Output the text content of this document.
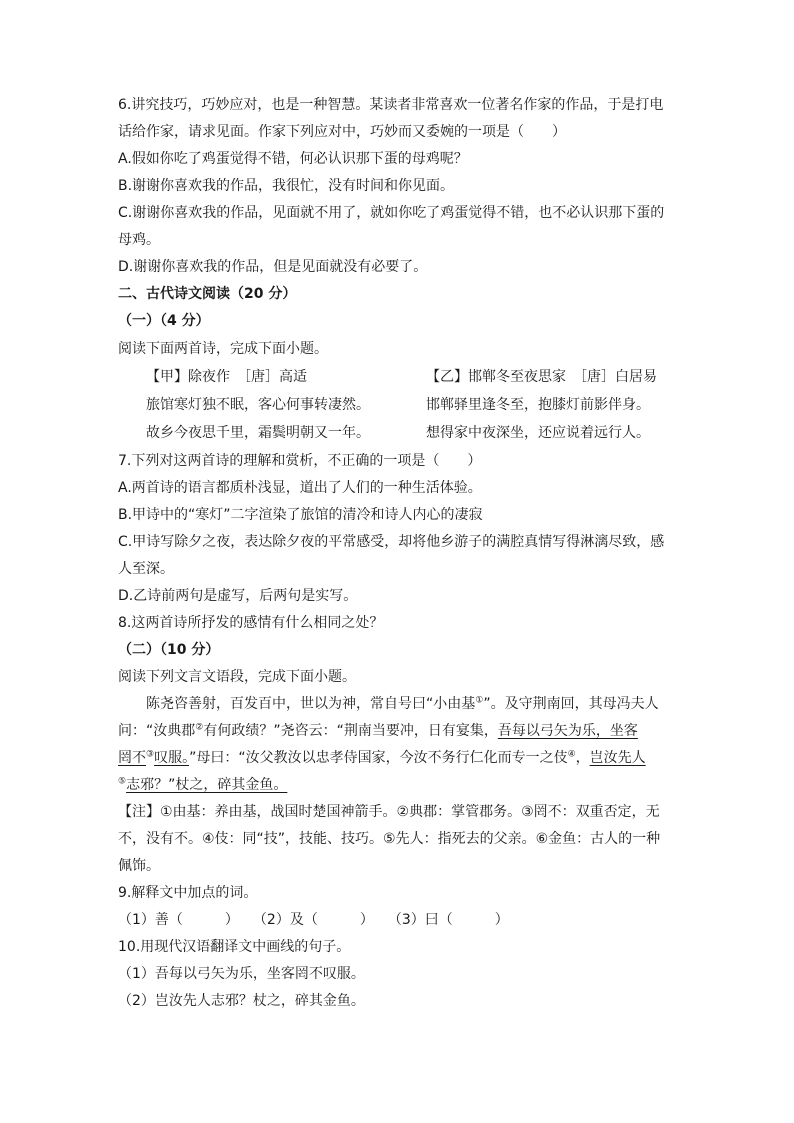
6.讲究技巧，巧妙应对，也是一种智慧。某读者非常喜欢一位著名作家的作品，于是打电
话给作家，请求见面。作家下列应对中，巧妙而又委婉的一项是（　　）
A.假如你吃了鸡蛋觉得不错，何必认识那下蛋的母鸡呢？
B.谢谢你喜欢我的作品，我很忙，没有时间和你见面。
C.谢谢你喜欢我的作品，见面就不用了，就如你吃了鸡蛋觉得不错，也不必认识那下蛋的
母鸡。
D.谢谢你喜欢我的作品，但是见面就没有必要了。
二、古代诗文阅读（20 分）
（一）（4 分）
阅读下面两首诗，完成下面小题。
【甲】除夜作　［唐］高适
旅馆寒灯独不眠，客心何事转凄然。
故乡今夜思千里，霜鬓明朝又一年。
【乙】邯郸冬至夜思家　［唐］白居易
邯郸驿里逢冬至，抱膝灯前影伴身。
想得家中夜深坐，还应说着远行人。
7.下列对这两首诗的理解和赏析，不正确的一项是（　　）
A.两首诗的语言都质朴浅显，道出了人们的一种生活体验。
B.甲诗中的“寒灯”二字渲染了旅馆的清冷和诗人内心的凄寂
C.甲诗写除夕之夜，表达除夕夜的平常感受，却将他乡游子的满腔真情写得淋漓尽致，感
人至深。
D.乙诗前两句是虚写，后两句是实写。
8.这两首诗所抒发的感情有什么相同之处？
（二）（10 分）
阅读下列文言文语段，完成下面小题。
陈尧咨善射，百发百中，世以为神，常自号曰“小由基①”。及守荆南回，其母冯夫人
问：“汝典郡②有何政绩？”尧咨云：“荆南当要冲，日有宴集，吾每以弓矢为乐，坐客
罔不③叹服。”母曰：“汝父教汝以忠孝侍国家，今汝不务行仁化而专一之伎④，岂汝先人
⑤志邪？”杖之，碎其金鱼。
【注】①由基：养由基，战国时楚国神箭手。②典郡：掌管郡务。③罔不：双重否定，无
不，没有不。④伎：同“技”，技能、技巧。⑤先人：指死去的父亲。⑥金鱼：古人的一种
佩饰。
9.解释文中加点的词。
（1）善（　　　）　　（2）及（　　　）　　（3）曰（　　　）
10.用现代汉语翻译文中画线的句子。
（1）吾每以弓矢为乐，坐客罔不叹服。
（2）岂汝先人志邪？杖之，碎其金鱼。
